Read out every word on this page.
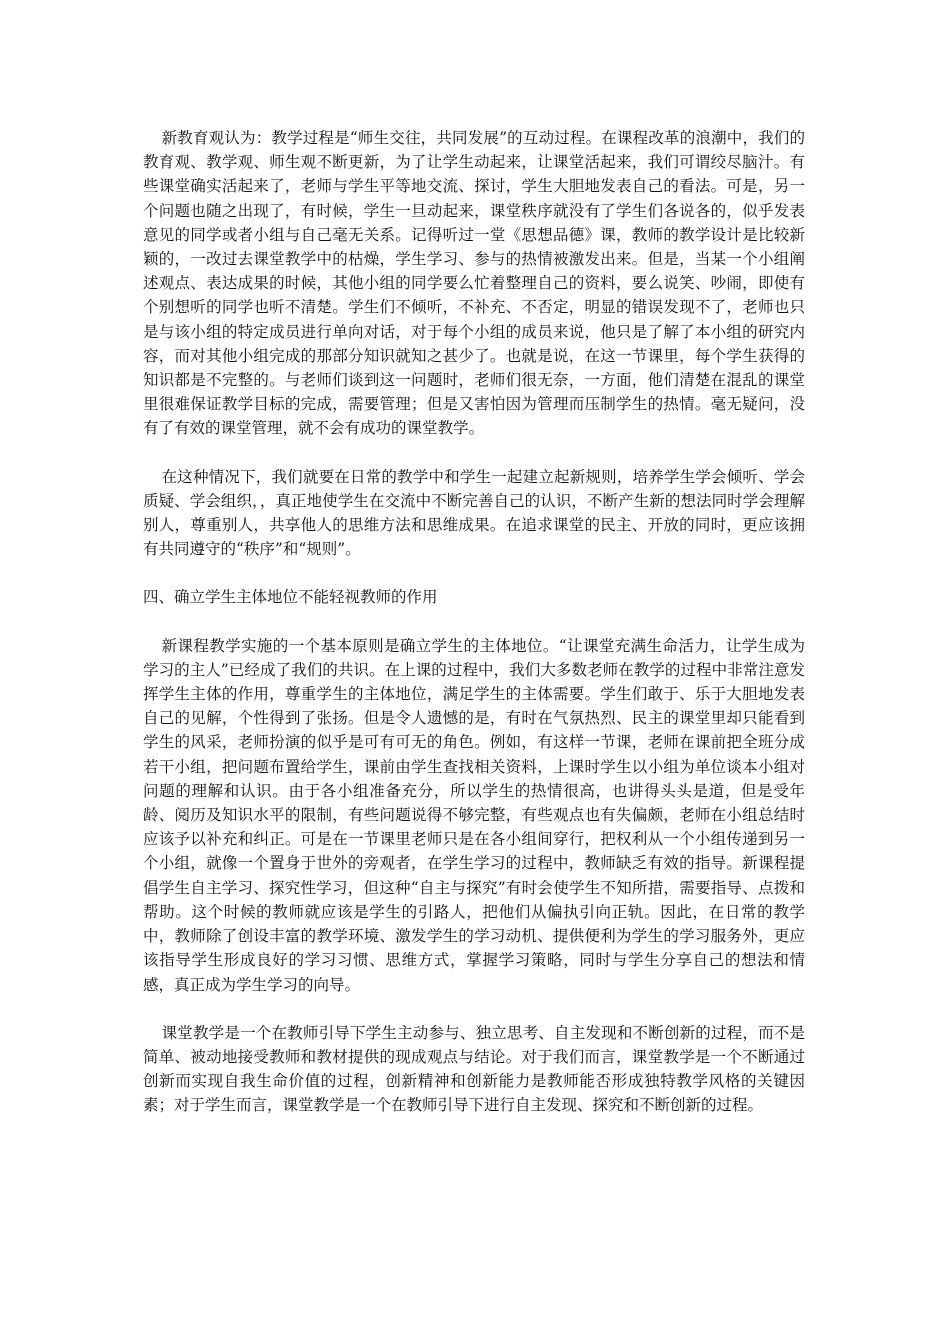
新教育观认为：教学过程是“师生交往，共同发展”的互动过程。在课程改革的浪潮中，我们的教育观、教学观、师生观不断更新，为了让学生动起来，让课堂活起来，我们可谓绞尽脑汁。有些课堂确实活起来了，老师与学生平等地交流、探讨，学生大胆地发表自己的看法。可是，另一个问题也随之出现了，有时候，学生一旦动起来，课堂秩序就没有了学生们各说各的，似乎发表意见的同学或者小组与自己毫无关系。记得听过一堂《思想品德》课，教师的教学设计是比较新颖的，一改过去课堂教学中的枯燥，学生学习、参与的热情被激发出来。但是，当某一个小组阐述观点、表达成果的时候，其他小组的同学要么忙着整理自己的资料，要么说笑、吵闹，即使有个别想听的同学也听不清楚。学生们不倾听，不补充、不否定，明显的错误发现不了，老师也只是与该小组的特定成员进行单向对话，对于每个小组的成员来说，他只是了解了本小组的研究内容，而对其他小组完成的那部分知识就知之甚少了。也就是说，在这一节课里，每个学生获得的知识都是不完整的。与老师们谈到这一问题时，老师们很无奈，一方面，他们清楚在混乱的课堂里很难保证教学目标的完成，需要管理；但是又害怕因为管理而压制学生的热情。毫无疑问，没有了有效的课堂管理，就不会有成功的课堂教学。

在这种情况下，我们就要在日常的教学中和学生一起建立起新规则，培养学生学会倾听、学会质疑、学会组织，，真正地使学生在交流中不断完善自己的认识，不断产生新的想法同时学会理解别人，尊重别人，共享他人的思维方法和思维成果。在追求课堂的民主、开放的同时，更应该拥有共同遵守的“秩序”和“规则”。

四、确立学生主体地位不能轻视教师的作用

新课程教学实施的一个基本原则是确立学生的主体地位。“让课堂充满生命活力，让学生成为学习的主人”已经成了我们的共识。在上课的过程中，我们大多数老师在教学的过程中非常注意发挥学生主体的作用，尊重学生的主体地位，满足学生的主体需要。学生们敢于、乐于大胆地发表自己的见解，个性得到了张扬。但是令人遗憾的是，有时在气氛热烈、民主的课堂里却只能看到学生的风采，老师扮演的似乎是可有可无的角色。例如，有这样一节课，老师在课前把全班分成若干小组，把问题布置给学生，课前由学生查找相关资料，上课时学生以小组为单位谈本小组对问题的理解和认识。由于各小组准备充分，所以学生的热情很高，也讲得头头是道，但是受年龄、阅历及知识水平的限制，有些问题说得不够完整，有些观点也有失偏颇，老师在小组总结时应该予以补充和纠正。可是在一节课里老师只是在各小组间穿行，把权利从一个小组传递到另一个小组，就像一个置身于世外的旁观者，在学生学习的过程中，教师缺乏有效的指导。新课程提倡学生自主学习、探究性学习，但这种“自主与探究”有时会使学生不知所措，需要指导、点拨和帮助。这个时候的教师就应该是学生的引路人，把他们从偏执引向正轨。因此，在日常的教学中，教师除了创设丰富的教学环境、激发学生的学习动机、提供便利为学生的学习服务外，更应该指导学生形成良好的学习习惯、思维方式，掌握学习策略，同时与学生分享自己的想法和情感，真正成为学生学习的向导。

课堂教学是一个在教师引导下学生主动参与、独立思考、自主发现和不断创新的过程，而不是简单、被动地接受教师和教材提供的现成观点与结论。对于我们而言，课堂教学是一个不断通过创新而实现自我生命价值的过程，创新精神和创新能力是教师能否形成独特教学风格的关键因素；对于学生而言，课堂教学是一个在教师引导下进行自主发现、探究和不断创新的过程。
